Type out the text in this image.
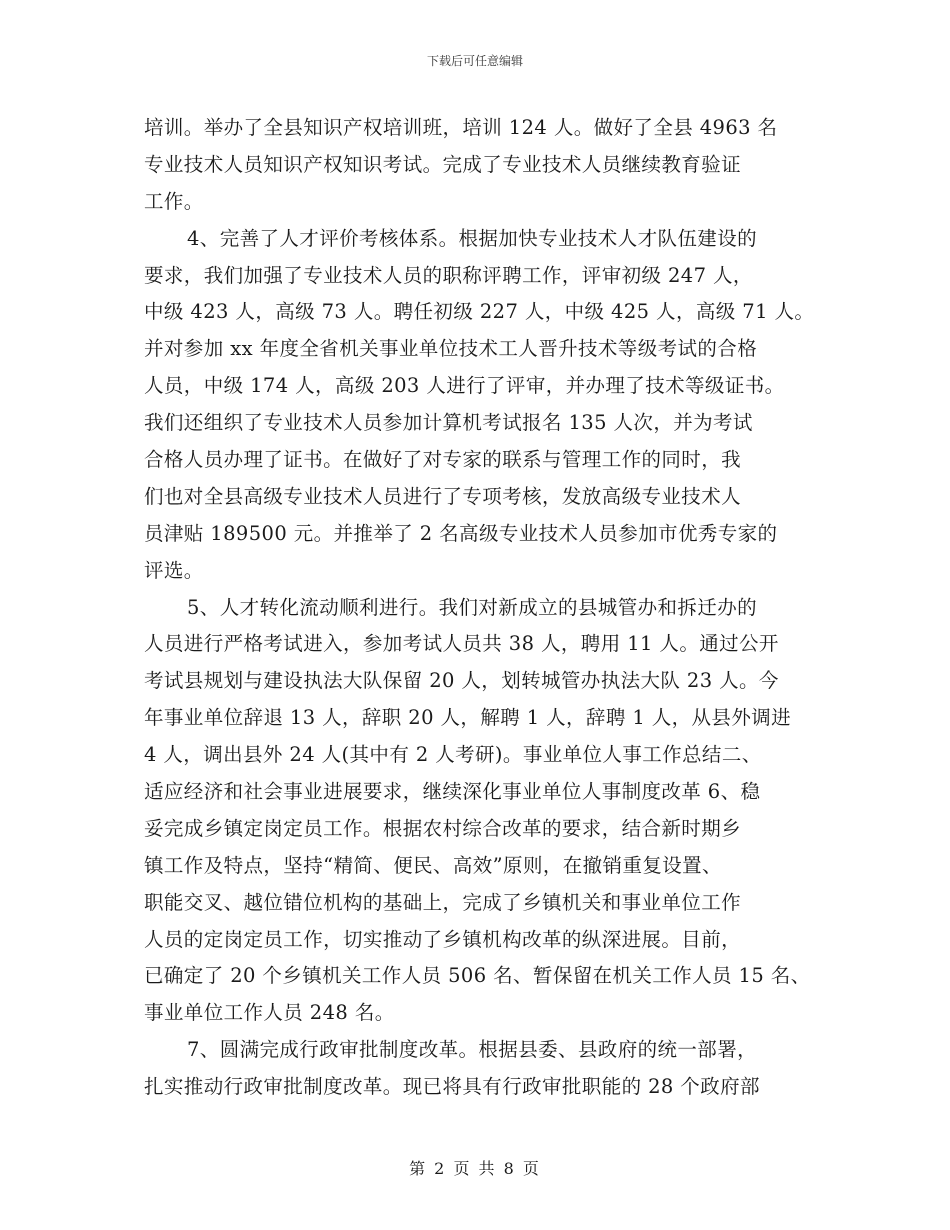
下载后可任意编辑
培训。举办了全县知识产权培训班，培训 124 人。做好了全县 4963 名
专业技术人员知识产权知识考试。完成了专业技术人员继续教育验证
工作。
4、完善了人才评价考核体系。根据加快专业技术人才队伍建设的
要求，我们加强了专业技术人员的职称评聘工作，评审初级 247 人，
中级 423 人，高级 73 人。聘任初级 227 人，中级 425 人，高级 71 人。
并对参加 xx 年度全省机关事业单位技术工人晋升技术等级考试的合格
人员，中级 174 人，高级 203 人进行了评审，并办理了技术等级证书。
我们还组织了专业技术人员参加计算机考试报名 135 人次，并为考试
合格人员办理了证书。在做好了对专家的联系与管理工作的同时，我
们也对全县高级专业技术人员进行了专项考核，发放高级专业技术人
员津贴 189500 元。并推举了 2 名高级专业技术人员参加市优秀专家的
评选。
5、人才转化流动顺利进行。我们对新成立的县城管办和拆迁办的
人员进行严格考试进入，参加考试人员共 38 人，聘用 11 人。通过公开
考试县规划与建设执法大队保留 20 人，划转城管办执法大队 23 人。今
年事业单位辞退 13 人，辞职 20 人，解聘 1 人，辞聘 1 人，从县外调进
4 人，调出县外 24 人(其中有 2 人考研)。事业单位人事工作总结二、
适应经济和社会事业进展要求，继续深化事业单位人事制度改革 6、稳
妥完成乡镇定岗定员工作。根据农村综合改革的要求，结合新时期乡
镇工作及特点，坚持“精简、便民、高效”原则，在撤销重复设置、
职能交叉、越位错位机构的基础上，完成了乡镇机关和事业单位工作
人员的定岗定员工作，切实推动了乡镇机构改革的纵深进展。目前，
已确定了 20 个乡镇机关工作人员 506 名、暂保留在机关工作人员 15 名、
事业单位工作人员 248 名。
7、圆满完成行政审批制度改革。根据县委、县政府的统一部署，
扎实推动行政审批制度改革。现已将具有行政审批职能的 28 个政府部
第 2 页 共 8 页
